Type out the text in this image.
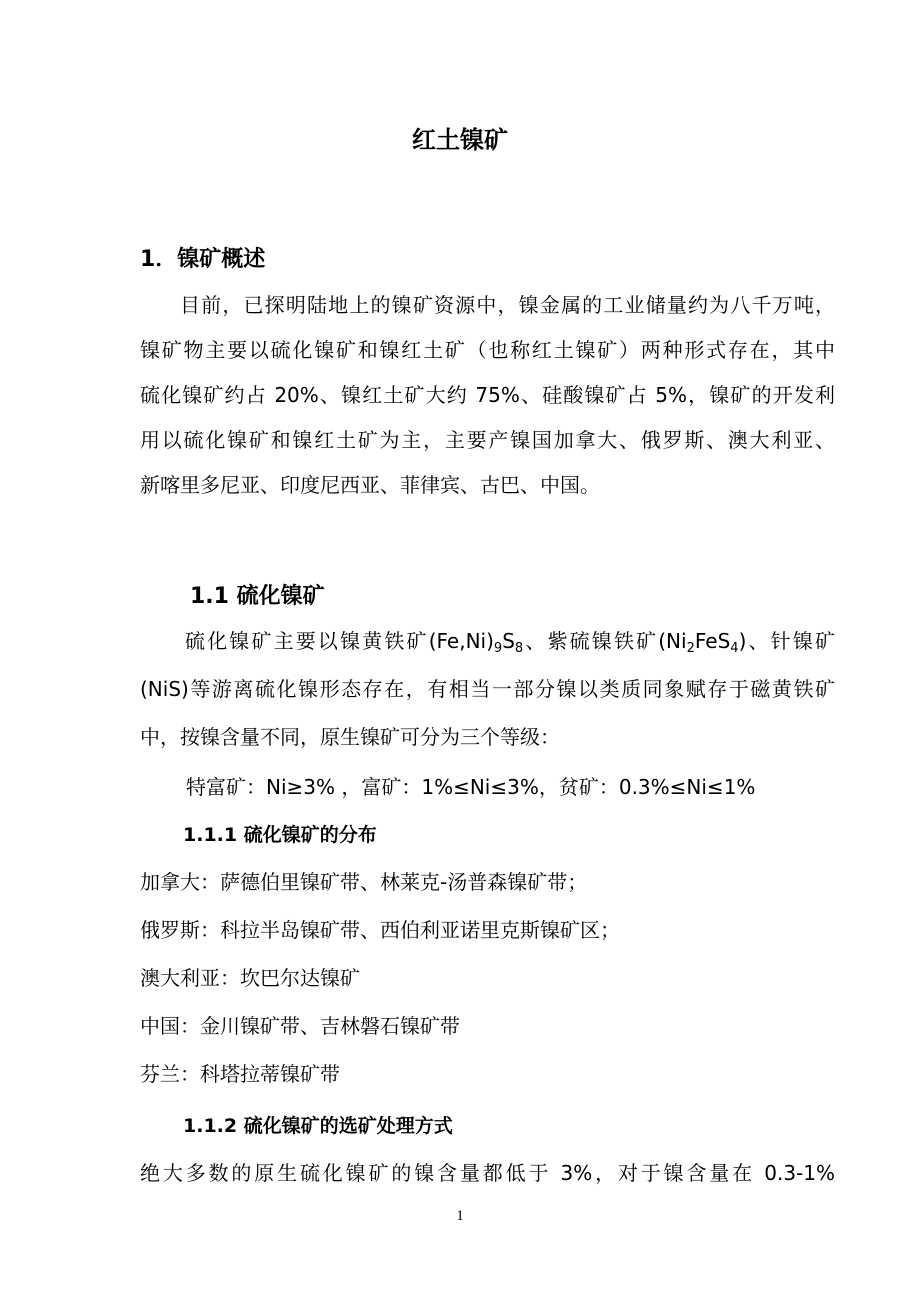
红土镍矿
1．镍矿概述
目前，已探明陆地上的镍矿资源中，镍金属的工业储量约为八千万吨，
镍矿物主要以硫化镍矿和镍红土矿（也称红土镍矿）两种形式存在，其中
硫化镍矿约占 20%、镍红土矿大约 75%、硅酸镍矿占 5%，镍矿的开发利
用以硫化镍矿和镍红土矿为主，主要产镍国加拿大、俄罗斯、澳大利亚、
新喀里多尼亚、印度尼西亚、菲律宾、古巴、中国。
1.1 硫化镍矿
硫化镍矿主要以镍黄铁矿$(Fe,Ni)_9S_8$、紫硫镍铁矿$(Ni_2FeS_4)$、针镍矿
(NiS)等游离硫化镍形态存在，有相当一部分镍以类质同象赋存于磁黄铁矿
中，按镍含量不同，原生镍矿可分为三个等级：
特富矿：Ni≥3% ，富矿：1%≤Ni≤3%，贫矿：0.3%≤Ni≤1%
1.1.1 硫化镍矿的分布
加拿大：萨德伯里镍矿带、林莱克-汤普森镍矿带；
俄罗斯：科拉半岛镍矿带、西伯利亚诺里克斯镍矿区；
澳大利亚：坎巴尔达镍矿
中国：金川镍矿带、吉林磐石镍矿带
芬兰：科塔拉蒂镍矿带
1.1.2 硫化镍矿的选矿处理方式
绝大多数的原生硫化镍矿的镍含量都低于 3%，对于镍含量在 0.3-1%
1
